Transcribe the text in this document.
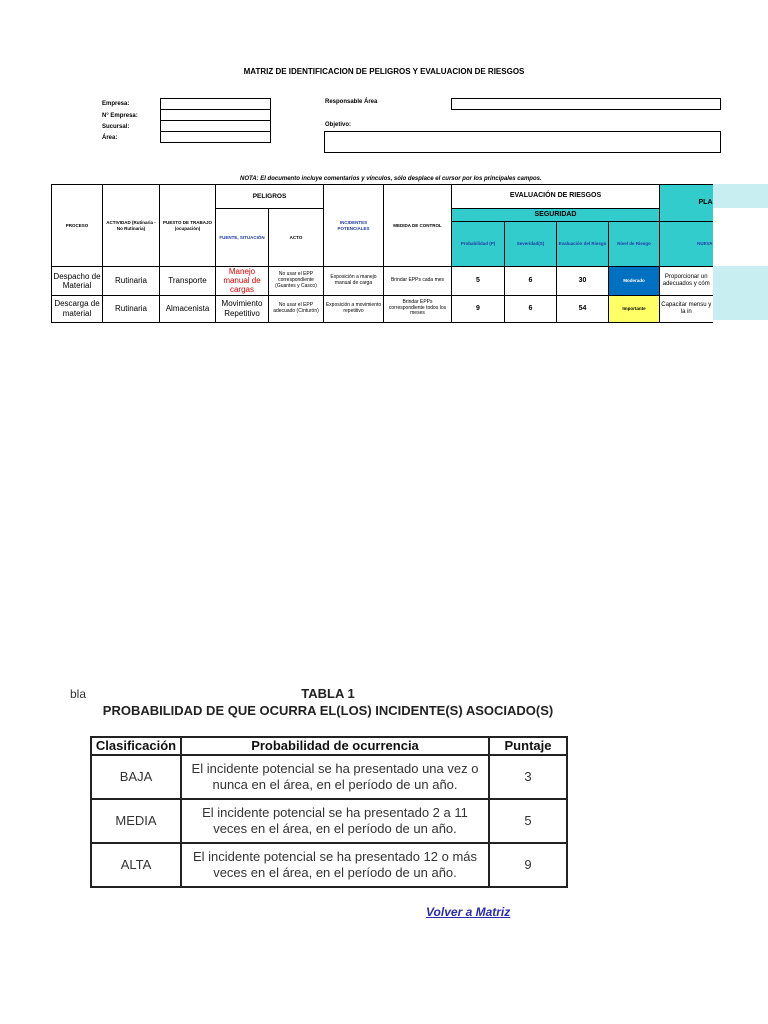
MATRIZ DE IDENTIFICACION DE PELIGROS Y EVALUACION DE RIESGOS
Empresa:
N° Empresa:
Sucursal:
Área:
Responsable Área
Objetivo:
NOTA: El documento incluye comentarios y vínculos, sólo desplace el cursor por los principales campos.
PROCESO	ACTIVIDAD (Rutinaria - No Rutinaria)	PUESTO DE TRABAJO (ocupación)	PELIGROS		INCIDENTES POTENCIALES	MEDIDA DE CONTROL	EVALUACIÓN DE RIESGOS				PLA
			FUENTE, SITUACIÓN	ACTO			SEGURIDAD				
							Probabilidad (P)	Severidad(S)	Evaluación del Riesgo	Nivel de Riesgo	NUEVA
Despacho de Material	Rutinaria	Transporte	Manejo manual de cargas	No usar el EPP correspondiente (Guantes y Casco)	Exposición a manejo manual de carga	Brindar EPPs cada mes	5	6	30	Moderado	Proporcionar un adecuados y cóm
Descarga de material	Rutinaria	Almacenista	Movimiento Repetitivo	No usar el EPP adecuado (Cinturón)	Exposición a movimiento repetitivo	Brindar EPPs correspondiente todos los meses	9	6	54	Importante	Capacitar mensu y la in
bla	TABLA 1
PROBABILIDAD DE QUE OCURRA EL(LOS) INCIDENTE(S) ASOCIADO(S)
Clasificación	Probabilidad de ocurrencia	Puntaje
BAJA	El incidente potencial se ha presentado una vez o nunca en el área, en el período de un año.	3
MEDIA	El incidente potencial se ha presentado 2 a 11 veces en el área, en el período de un año.	5
ALTA	El incidente potencial se ha presentado 12 o más veces en el área, en el período de un año.	9
Volver a Matriz
